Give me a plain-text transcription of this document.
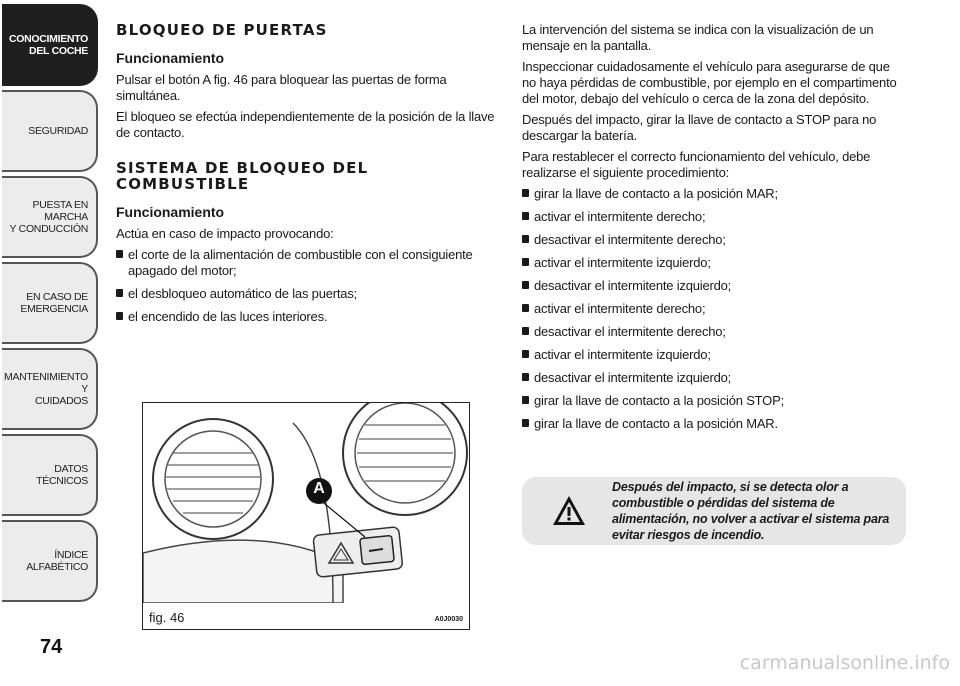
CONOCIMIENTO
DEL COCHE
SEGURIDAD
PUESTA EN MARCHA
Y CONDUCCIÓN
EN CASO DE
EMERGENCIA
MANTENIMIENTO Y
CUIDADOS
DATOS TÉCNICOS
ÍNDICE ALFABÉTICO
74
BLOQUEO DE PUERTAS
Funcionamiento

Pulsar el botón A fig. 46 para bloquear las puertas de forma simultánea.

El bloqueo se efectúa independientemente de la posición de la llave de contacto.

SISTEMA DE BLOQUEO DEL COMBUSTIBLE
Funcionamiento

Actúa en caso de impacto provocando:

el corte de la alimentación de combustible con el consiguiente apagado del motor;
el desbloqueo automático de las puertas;
el encendido de las luces interiores.
A
fig. 46	A0J0030

La intervención del sistema se indica con la visualización de un mensaje en la pantalla.

Inspeccionar cuidadosamente el vehículo para asegurarse de que no haya pérdidas de combustible, por ejemplo en el compartimento del motor, debajo del vehículo o cerca de la zona del depósito.

Después del impacto, girar la llave de contacto a STOP para no descargar la batería.

Para restablecer el correcto funcionamiento del vehículo, debe realizarse el siguiente procedimiento:

girar la llave de contacto a la posición MAR;
activar el intermitente derecho;
desactivar el intermitente derecho;
activar el intermitente izquierdo;
desactivar el intermitente izquierdo;
activar el intermitente derecho;
desactivar el intermitente derecho;
activar el intermitente izquierdo;
desactivar el intermitente izquierdo;
girar la llave de contacto a la posición STOP;
girar la llave de contacto a la posición MAR.
Después del impacto, si se detecta olor a combustible o pérdidas del sistema de alimentación, no volver a activar el sistema para evitar riesgos de incendio.
carmanualsonline.info
